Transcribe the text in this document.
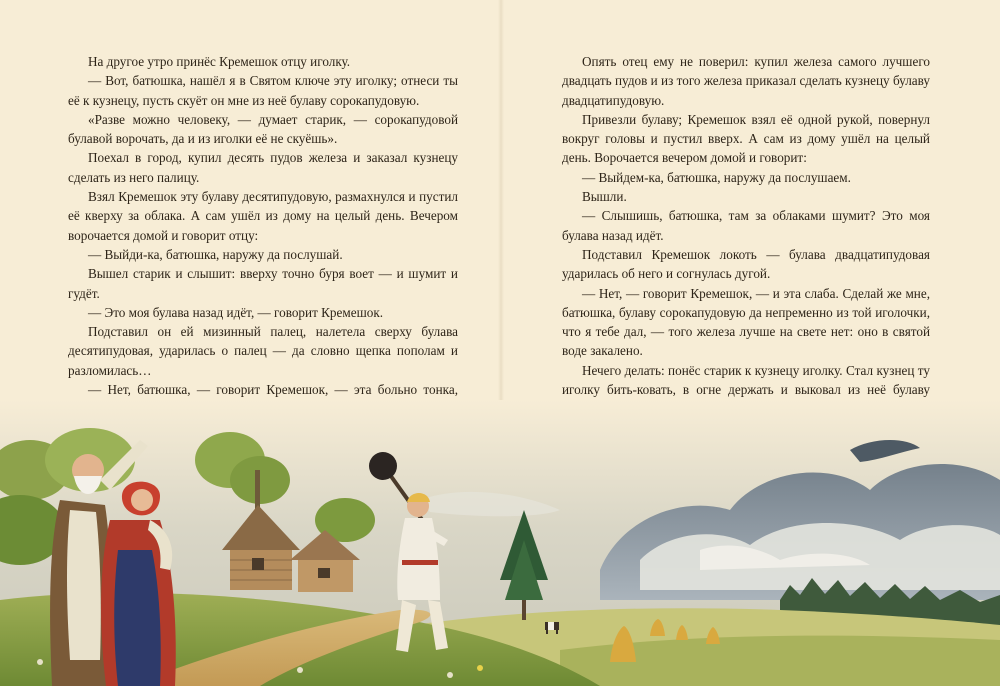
На другое утро принёс Кремешок отцу иголку.

— Вот, батюшка, нашёл я в Святом ключе эту иголку; отнеси ты её к кузнецу, пусть скуёт он мне из неё булаву сорокапудовую.

«Разве можно человеку, — думает старик, — сорокапудовой булавой ворочать, да и из иголки её не скуёшь».

Поехал в город, купил десять пудов железа и заказал кузнецу сделать из него палицу.

Взял Кремешок эту булаву десятипудовую, размахнулся и пустил её кверху за облака. А сам ушёл из дому на целый день. Вечером ворочается домой и говорит отцу:

— Выйди-ка, батюшка, наружу да послушай.

Вышел старик и слышит: вверху точно буря воет — и шумит и гудёт.

— Это моя булава назад идёт, — говорит Кремешок.

Подставил он ей мизинный палец, налетела сверху булава десятипудовая, ударилась о палец — да словно щепка пополам и разломилась…

— Нет, батюшка, — говорит Кремешок, — эта больно тонка,

Опять отец ему не поверил: купил железа самого лучшего двадцать пудов и из того железа приказал сделать кузнецу булаву двадцатипудовую.

Привезли булаву; Кремешок взял её одной рукой, повернул вокруг головы и пустил вверх. А сам из дому ушёл на целый день. Ворочается вечером домой и говорит:

— Выйдем-ка, батюшка, наружу да послушаем.

Вышли.

— Слышишь, батюшка, там за облаками шумит? Это моя булава назад идёт.

Подставил Кремешок локоть — булава двадцатипудовая ударилась об него и согнулась дугой.

— Нет, — говорит Кремешок, — и эта слаба. Сделай же мне, батюшка, булаву сорокапудовую да непременно из той иголочки, что я тебе дал, — того железа лучше на свете нет: оно в святой воде закалено.

Нечего делать: понёс старик к кузнецу иголку. Стал кузнец ту иголку бить-ковать, в огне держать и выковал из неё булаву
